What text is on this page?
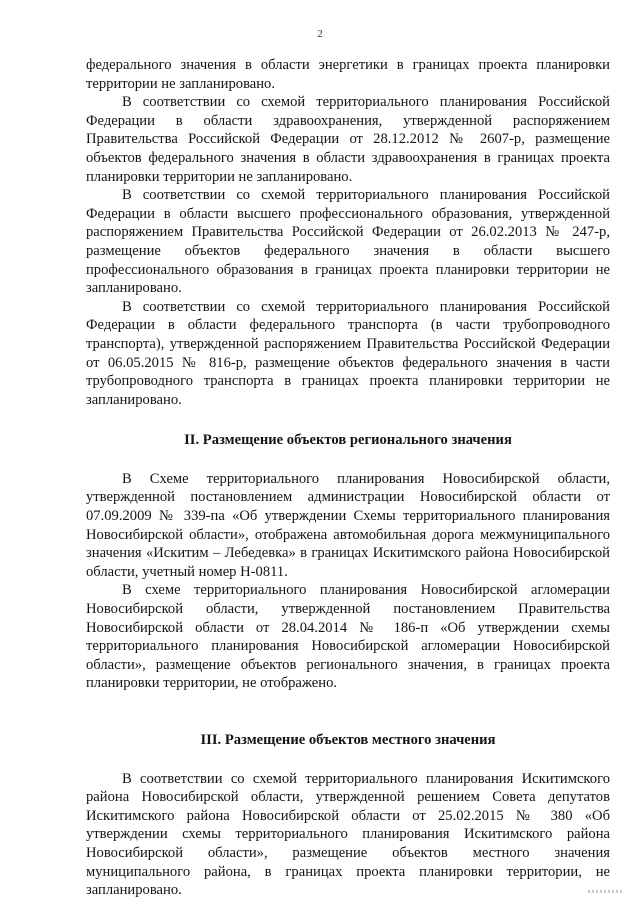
2

федерального значения в области энергетики в границах проекта планировки территории не запланировано.

В соответствии со схемой территориального планирования Российской Федерации в области здравоохранения, утвержденной распоряжением Правительства Российской Федерации от 28.12.2012 № 2607-р, размещение объектов федерального значения в области здравоохранения в границах проекта планировки территории не запланировано.

В соответствии со схемой территориального планирования Российской Федерации в области высшего профессионального образования, утвержденной распоряжением Правительства Российской Федерации от 26.02.2013 № 247-р, размещение объектов федерального значения в области высшего профессионального образования в границах проекта планировки территории не запланировано.

В соответствии со схемой территориального планирования Российской Федерации в области федерального транспорта (в части трубопроводного транспорта), утвержденной распоряжением Правительства Российской Федерации от 06.05.2015 № 816-р, размещение объектов федерального значения в части трубопроводного транспорта в границах проекта планировки территории не запланировано.

II. Размещение объектов регионального значения

В Схеме территориального планирования Новосибирской области, утвержденной постановлением администрации Новосибирской области от 07.09.2009 № 339-па «Об утверждении Схемы территориального планирования Новосибирской области», отображена автомобильная дорога межмуниципального значения «Искитим – Лебедевка» в границах Искитимского района Новосибирской области, учетный номер Н-0811.

В схеме территориального планирования Новосибирской агломерации Новосибирской области, утвержденной постановлением Правительства Новосибирской области от 28.04.2014 № 186-п «Об утверждении схемы территориального планирования Новосибирской агломерации Новосибирской области», размещение объектов регионального значения, в границах проекта планировки территории, не отображено.

III. Размещение объектов местного значения

В соответствии со схемой территориального планирования Искитимского района Новосибирской области, утвержденной решением Совета депутатов Искитимского района Новосибирской области от 25.02.2015 № 380 «Об утверждении схемы территориального планирования Искитимского района Новосибирской области», размещение объектов местного значения муниципального района, в границах проекта планировки территории, не запланировано.
